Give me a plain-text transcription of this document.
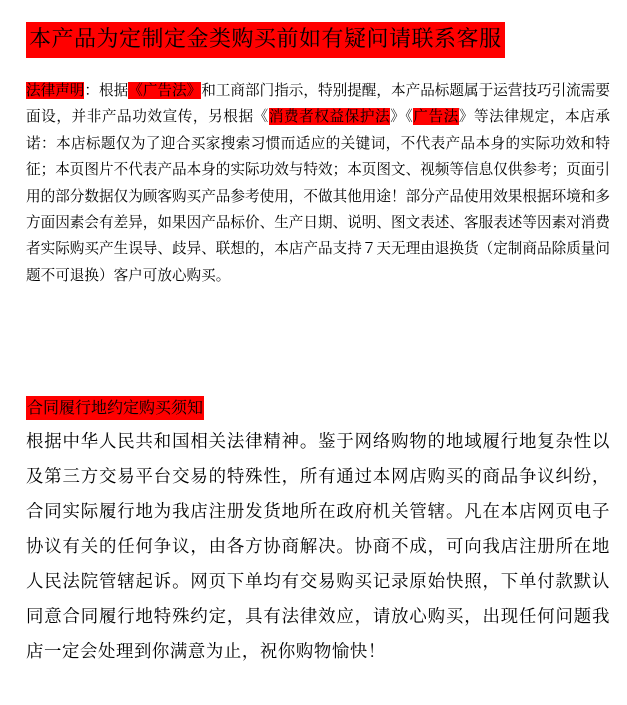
本产品为定制定金类购买前如有疑问请联系客服
法律声明：根据《广告法》和工商部门指示，特别提醒，本产品标题属于运营技巧引流需要面设，并非产品功效宣传，另根据《消费者权益保护法》《广告法》等法律规定，本店承诺：本店标题仅为了迎合买家搜索习惯而适应的关键词，不代表产品本身的实际功效和特征；本页图片不代表产品本身的实际功效与特效；本页图文、视频等信息仅供参考；页面引用的部分数据仅为顾客购买产品参考使用，不做其他用途！部分产品使用效果根据环境和多方面因素会有差异，如果因产品标价、生产日期、说明、图文表述、客服表述等因素对消费者实际购买产生误导、歧异、联想的，本店产品支持７天无理由退换货（定制商品除质量问题不可退换）客户可放心购买。
合同履行地约定购买须知
根据中华人民共和国相关法律精神。鉴于网络购物的地域履行地复杂性以及第三方交易平台交易的特殊性，所有通过本网店购买的商品争议纠纷，合同实际履行地为我店注册发货地所在政府机关管辖。凡在本店网页电子协议有关的任何争议，由各方协商解决。协商不成，可向我店注册所在地人民法院管辖起诉。网页下单均有交易购买记录原始快照，下单付款默认同意合同履行地特殊约定，具有法律效应，请放心购买，出现任何问题我店一定会处理到你满意为止，祝你购物愉快！
